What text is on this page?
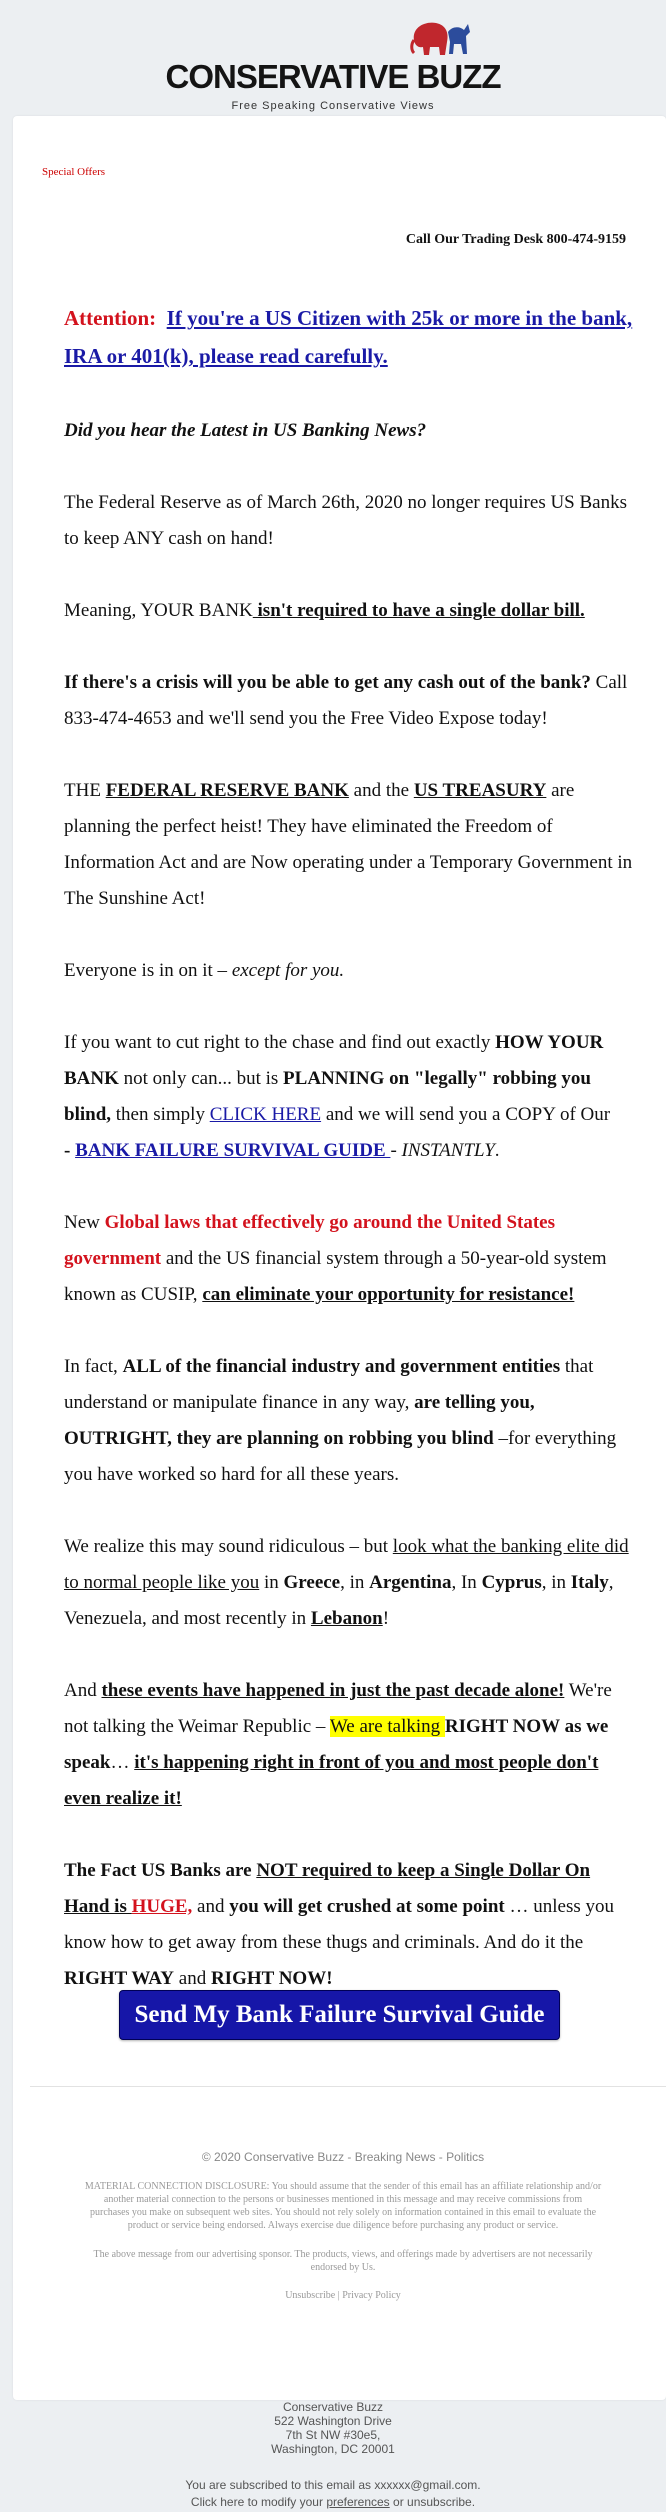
CONSERVATIVE BUZZ
Free Speaking Conservative Views
Special Offers
Call Our Trading Desk 800-474-9159

Attention: If you're a US Citizen with 25k or more in the bank, IRA or 401(k), please read carefully.

Did you hear the Latest in US Banking News?

The Federal Reserve as of March 26th, 2020 no longer requires US Banks to keep ANY cash on hand!

Meaning, YOUR BANK isn't required to have a single dollar bill.

If there's a crisis will you be able to get any cash out of the bank? Call 833-474-4653 and we'll send you the Free Video Expose today!

THE FEDERAL RESERVE BANK and the US TREASURY are planning the perfect heist! They have eliminated the Freedom of Information Act and are Now operating under a Temporary Government in The Sunshine Act!

Everyone is in on it – except for you.

If you want to cut right to the chase and find out exactly HOW YOUR BANK not only can... but is PLANNING on "legally" robbing you blind, then simply CLICK HERE and we will send you a COPY of Our
- BANK FAILURE SURVIVAL GUIDE - INSTANTLY.

New Global laws that effectively go around the United States government and the US financial system through a 50-year-old system known as CUSIP, can eliminate your opportunity for resistance!

In fact, ALL of the financial industry and government entities that understand or manipulate finance in any way, are telling you, OUTRIGHT, they are planning on robbing you blind –for everything you have worked so hard for all these years.

We realize this may sound ridiculous – but look what the banking elite did to normal people like you in Greece, in Argentina, In Cyprus, in Italy, Venezuela, and most recently in Lebanon!

And these events have happened in just the past decade alone! We're not talking the Weimar Republic – We are talking RIGHT NOW as we speak… it's happening right in front of you and most people don't even realize it!

The Fact US Banks are NOT required to keep a Single Dollar On Hand is HUGE, and you will get crushed at some point … unless you know how to get away from these thugs and criminals. And do it the RIGHT WAY and RIGHT NOW!

Send My Bank Failure Survival Guide
© 2020 Conservative Buzz - Breaking News - Politics

MATERIAL CONNECTION DISCLOSURE: You should assume that the sender of this email has an affiliate relationship and/or another material connection to the persons or businesses mentioned in this message and may receive commissions from purchases you make on subsequent web sites. You should not rely solely on information contained in this email to evaluate the product or service being endorsed. Always exercise due diligence before purchasing any product or service.

The above message from our advertising sponsor. The products, views, and offerings made by advertisers are not necessarily endorsed by Us.

Unsubscribe | Privacy Policy
Conservative Buzz
522 Washington Drive
7th St NW #30e5,
Washington, DC 20001
You are subscribed to this email as xxxxxx@gmail.com.
Click here to modify your preferences or unsubscribe.
